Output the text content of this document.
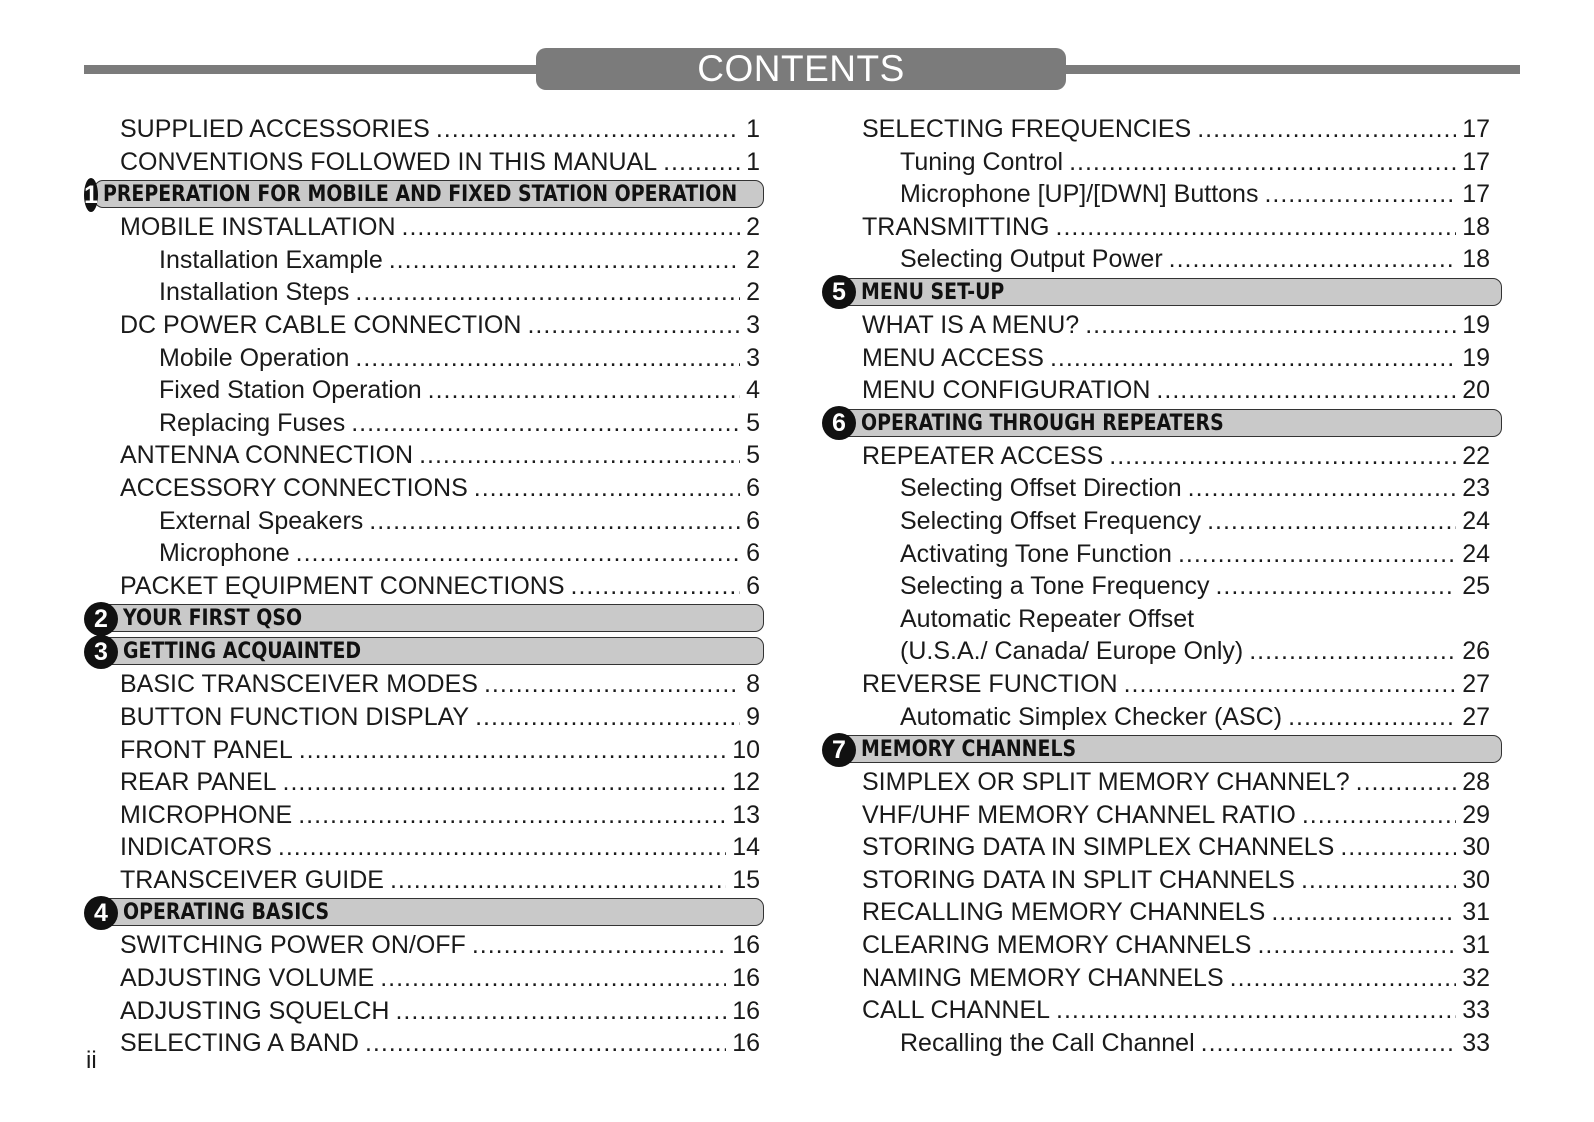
CONTENTS
SUPPLIED ACCESSORIES .....	1
CONVENTIONS FOLLOWED IN THIS MANUAL .....	1
1 PREPERATION FOR MOBILE AND FIXED STATION OPERATION
MOBILE INSTALLATION .....	2
Installation Example .....	2
Installation Steps .....	2
DC POWER CABLE CONNECTION .....	3
Mobile Operation .....	3
Fixed Station Operation .....	4
Replacing Fuses .....	5
ANTENNA CONNECTION .....	5
ACCESSORY CONNECTIONS .....	6
External Speakers .....	6
Microphone .....	6
PACKET EQUIPMENT CONNECTIONS .....	6
2 YOUR FIRST QSO
3 GETTING ACQUAINTED
BASIC TRANSCEIVER MODES .....	8
BUTTON FUNCTION DISPLAY .....	9
FRONT PANEL .....	10
REAR PANEL .....	12
MICROPHONE .....	13
INDICATORS .....	14
TRANSCEIVER GUIDE .....	15
4 OPERATING BASICS
SWITCHING POWER ON/OFF .....	16
ADJUSTING VOLUME .....	16
ADJUSTING SQUELCH .....	16
SELECTING A BAND .....	16
SELECTING FREQUENCIES .....	17
Tuning Control .....	17
Microphone [UP]/[DWN] Buttons .....	17
TRANSMITTING .....	18
Selecting Output Power .....	18
5 MENU SET-UP
WHAT IS A MENU? .....	19
MENU ACCESS .....	19
MENU CONFIGURATION .....	20
6 OPERATING THROUGH REPEATERS
REPEATER ACCESS .....	22
Selecting Offset Direction .....	23
Selecting Offset Frequency .....	24
Activating Tone Function .....	24
Selecting a Tone Frequency .....	25
Automatic Repeater Offset
(U.S.A./ Canada/ Europe Only) .....	26
REVERSE FUNCTION .....	27
Automatic Simplex Checker (ASC) .....	27
7 MEMORY CHANNELS
SIMPLEX OR SPLIT MEMORY CHANNEL? .....	28
VHF/UHF MEMORY CHANNEL RATIO .....	29
STORING DATA IN SIMPLEX CHANNELS .....	30
STORING DATA IN SPLIT CHANNELS .....	30
RECALLING MEMORY CHANNELS .....	31
CLEARING MEMORY CHANNELS .....	31
NAMING MEMORY CHANNELS .....	32
CALL CHANNEL .....	33
Recalling the Call Channel .....	33
ii
